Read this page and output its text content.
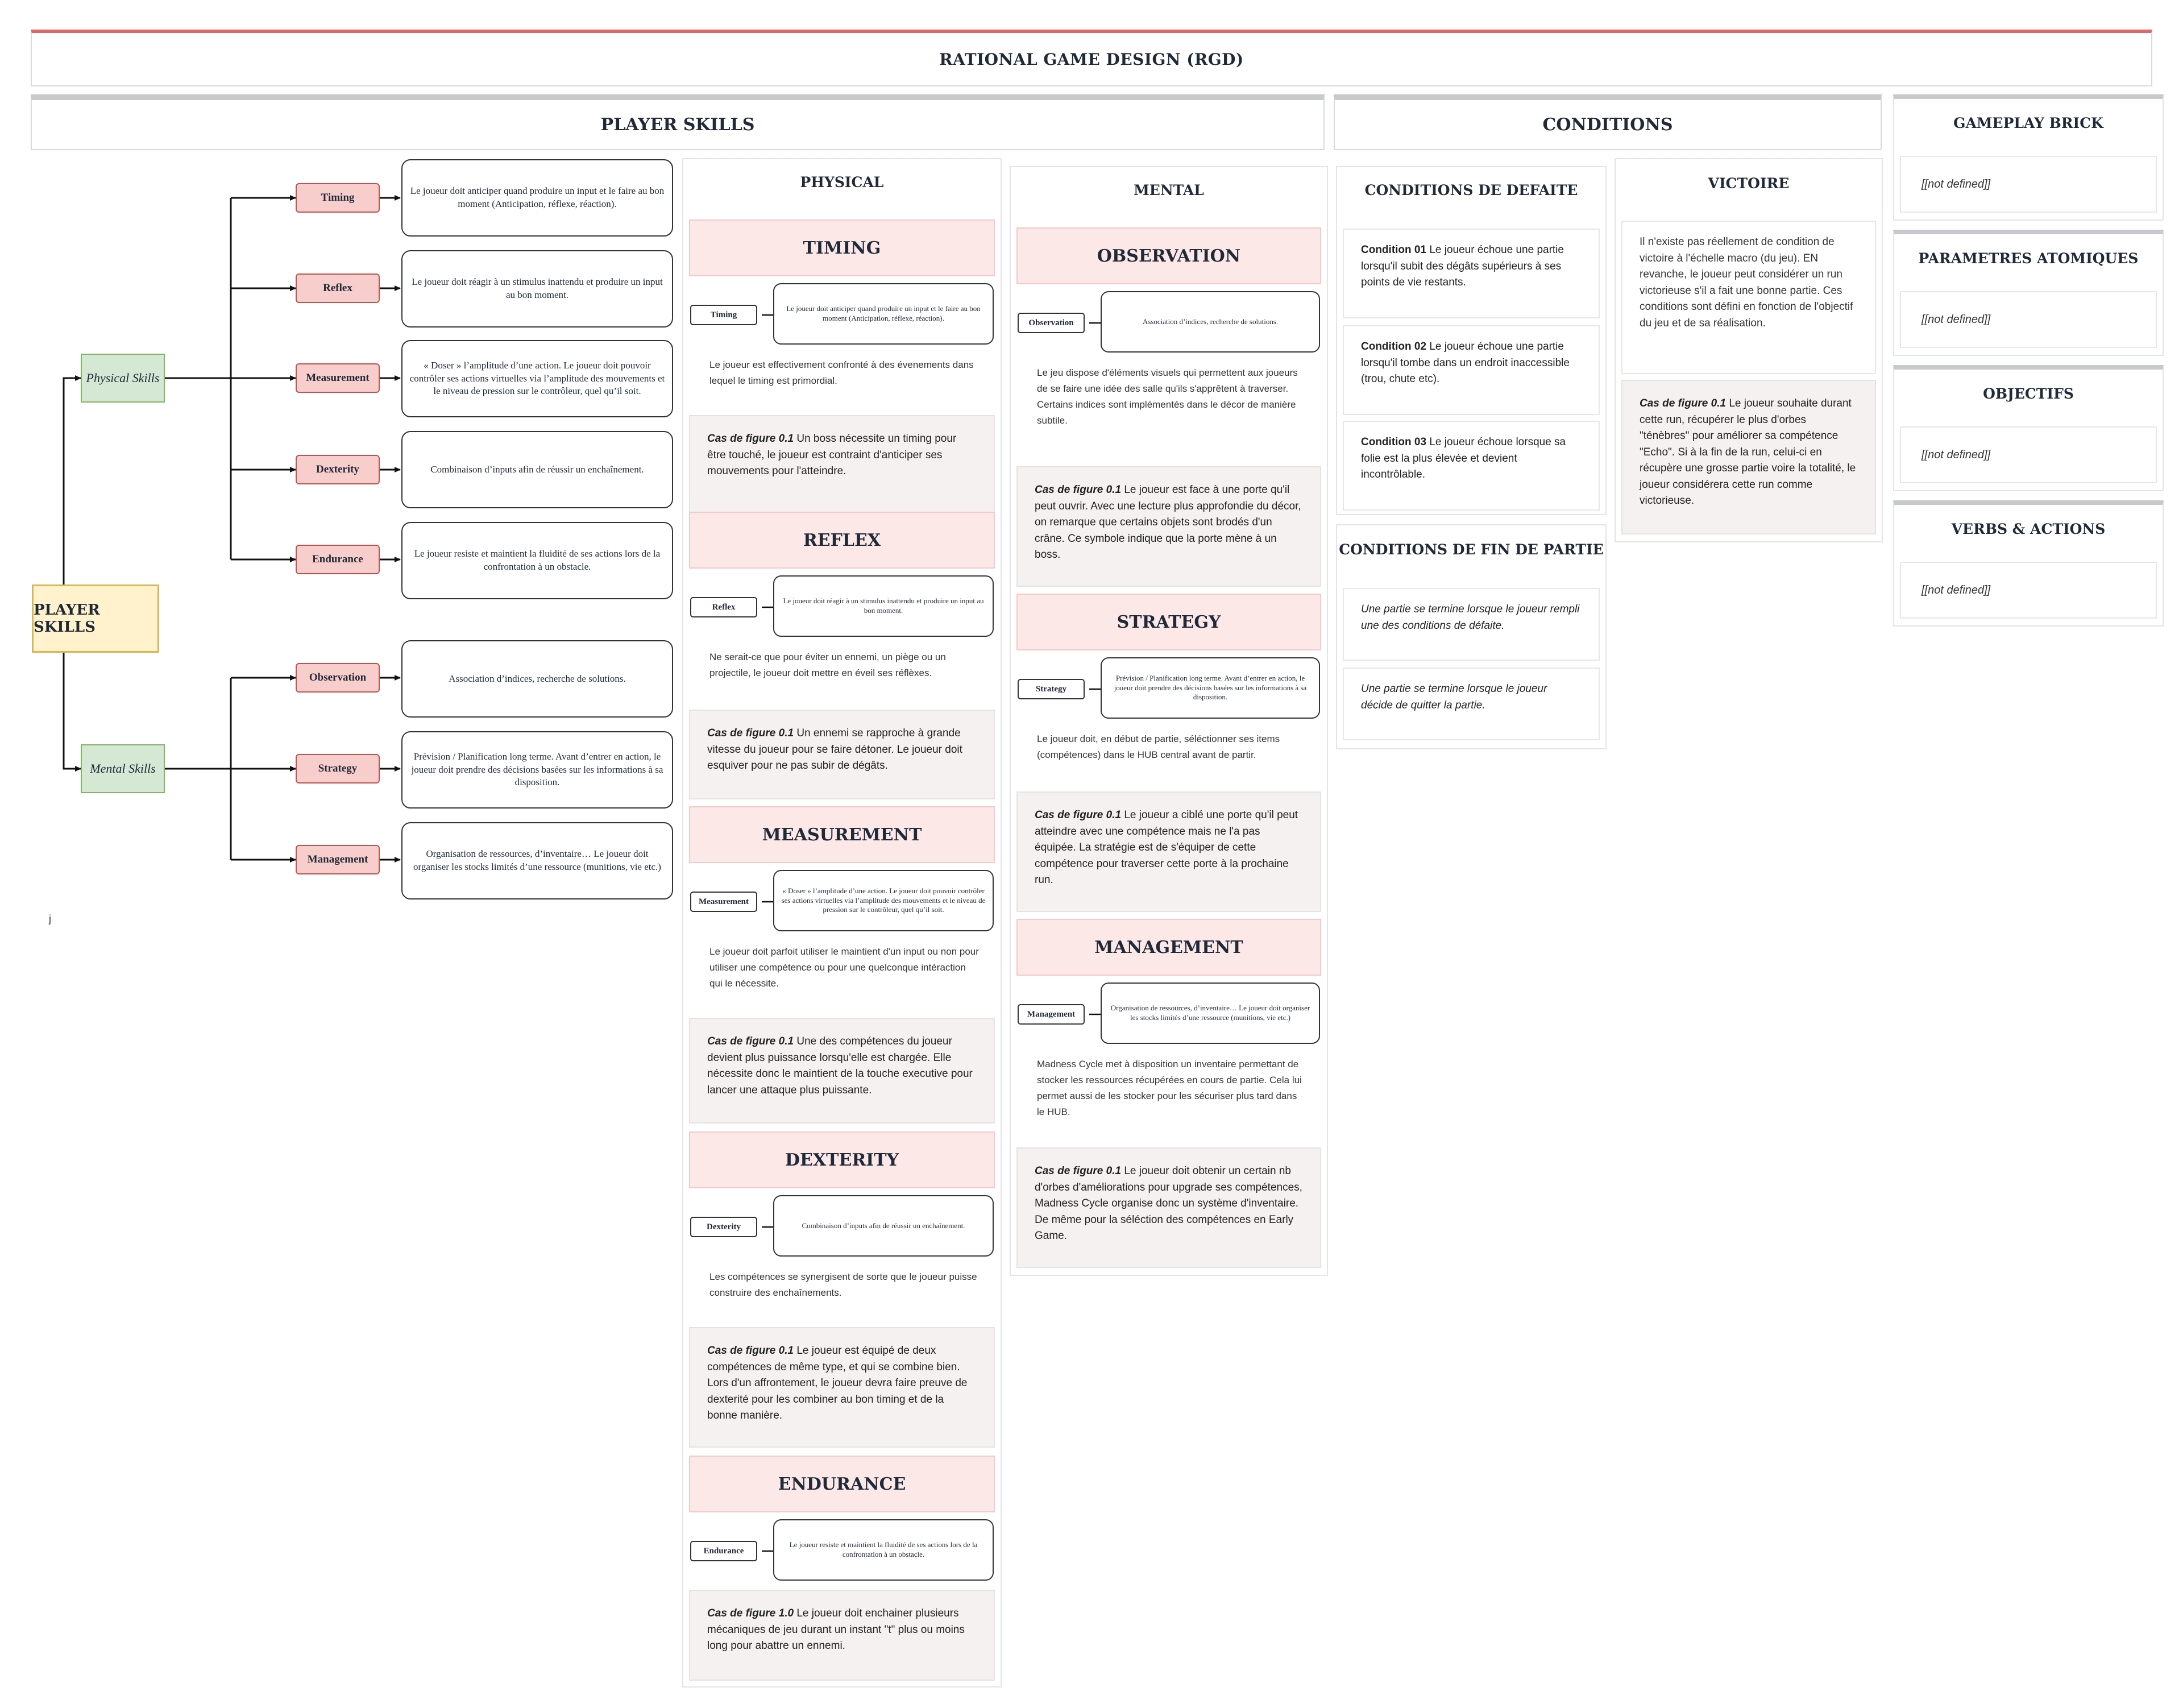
RATIONAL GAME DESIGN (RGD)
PLAYER SKILLS	CONDITIONS
PLAYER SKILLS
Physical Skills
Mental Skills
Timing
Reflex
Measurement
Dexterity
Endurance
Observation
Strategy
Management
Le joueur doit anticiper quand produire un input et le faire au bon moment (Anticipation, réflexe, réaction).
Le joueur doit réagir à un stimulus inattendu et produire un input au bon moment.
« Doser » l’amplitude d’une action. Le joueur doit pouvoir contrôler ses actions virtuelles via l’amplitude des mouvements et le niveau de pression sur le contrôleur, quel qu’il soit.
Combinaison d’inputs afin de réussir un enchaînement.
Le joueur resiste et maintient la fluidité de ses actions lors de la confrontation à un obstacle.
Association d’indices, recherche de solutions.
Prévision / Planification long terme. Avant d’entrer en action, le joueur doit prendre des décisions basées sur les informations à sa disposition.
Organisation de ressources, d’inventaire… Le joueur doit organiser les stocks limités d’une ressource (munitions, vie etc.)
j
PHYSICAL	MENTAL
TIMING
Timing
Le joueur doit anticiper quand produire un input et le faire au bon moment (Anticipation, réflexe, réaction).
Le joueur est effectivement confronté à des évenements dans lequel le timing est primordial.
Cas de figure 0.1 Un boss nécessite un timing pour être touché, le joueur est contraint d'anticiper ses mouvements pour l'atteindre.
REFLEX
Reflex
Le joueur doit réagir à un stimulus inattendu et produire un input au bon moment.
Ne serait-ce que pour éviter un ennemi, un piège ou un projectile, le joueur doit mettre en éveil ses réflèxes.
Cas de figure 0.1 Un ennemi se rapproche à grande vitesse du joueur pour se faire détoner. Le joueur doit esquiver pour ne pas subir de dégâts.
MEASUREMENT
Measurement
« Doser » l’amplitude d’une action. Le joueur doit pouvoir contrôler ses actions virtuelles via l’amplitude des mouvements et le niveau de pression sur le contrôleur, quel qu’il soit.
Le joueur doit parfoit utiliser le maintient d'un input ou non pour utiliser une compétence ou pour une quelconque intéraction qui le nécessite.
Cas de figure 0.1 Une des compétences du joueur devient plus puissance lorsqu'elle est chargée. Elle nécessite donc le maintient de la touche executive pour lancer une attaque plus puissante.
DEXTERITY
Dexterity	Combinaison d’inputs afin de réussir un enchaînement.
Les compétences se synergisent de sorte que le joueur puisse construire des enchaînements.
Cas de figure 0.1 Le joueur est équipé de deux compétences de même type, et qui se combine bien. Lors d'un affrontement, le joueur devra faire preuve de dexterité pour les combiner au bon timing et de la bonne manière.
ENDURANCE
Endurance
Le joueur resiste et maintient la fluidité de ses actions lors de la confrontation à un obstacle.
Cas de figure 1.0 Le joueur doit enchainer plusieurs mécaniques de jeu durant un instant "t" plus ou moins long pour abattre un ennemi.
OBSERVATION
Observation	Association d’indices, recherche de solutions.
Le jeu dispose d'éléments visuels qui permettent aux joueurs de se faire une idée des salle qu'ils s'apprêtent à traverser. Certains indices sont implémentés dans le décor de manière subtile.
Cas de figure 0.1 Le joueur est face à une porte qu'il peut ouvrir. Avec une lecture plus approfondie du décor, on remarque que certains objets sont brodés d'un crâne. Ce symbole indique que la porte mène à un boss.
STRATEGY
Strategy
Prévision / Planification long terme. Avant d’entrer en action, le joueur doit prendre des décisions basées sur les informations à sa disposition.
Le joueur doit, en début de partie, séléctionner ses items (compétences) dans le HUB central avant de partir.
Cas de figure 0.1 Le joueur a ciblé une porte qu'il peut atteindre avec une compétence mais ne l'a pas équipée. La stratégie est de s'équiper de cette compétence pour traverser cette porte à la prochaine run.
MANAGEMENT
Management
Organisation de ressources, d’inventaire… Le joueur doit organiser les stocks limités d’une ressource (munitions, vie etc.)
Madness Cycle met à disposition un inventaire permettant de stocker les ressources récupérées en cours de partie. Cela lui permet aussi de les stocker pour les sécuriser plus tard dans le HUB.
Cas de figure 0.1 Le joueur doit obtenir un certain nb d'orbes d'améliorations pour upgrade ses compétences, Madness Cycle organise donc un système d'inventaire. De même pour la séléction des compétences en Early Game.
CONDITIONS DE DEFAITE
Condition 01 Le joueur échoue une partie lorsqu'il subit des dégâts supérieurs à ses points de vie restants.
Condition 02 Le joueur échoue une partie lorsqu'il tombe dans un endroit inaccessible (trou, chute etc).
Condition 03 Le joueur échoue lorsque sa folie est la plus élevée et devient incontrôlable.
CONDITIONS DE FIN DE PARTIE
Une partie se termine lorsque le joueur rempli une des conditions de défaite.
Une partie se termine lorsque le joueur décide de quitter la partie.
VICTOIRE
Il n'existe pas réellement de condition de victoire à l'échelle macro (du jeu). EN revanche, le joueur peut considérer un run victorieuse s'il a fait une bonne partie. Ces conditions sont défini en fonction de l'objectif du jeu et de sa réalisation.
Cas de figure 0.1 Le joueur souhaite durant cette run, récupérer le plus d'orbes "ténèbres" pour améliorer sa compétence "Echo". Si à la fin de la run, celui-ci en récupère une grosse partie voire la totalité, le joueur considérera cette run comme victorieuse.
GAMEPLAY BRICK
[[not defined]]
PARAMETRES ATOMIQUES
[[not defined]]
OBJECTIFS
[[not defined]]
VERBS & ACTIONS
[[not defined]]
